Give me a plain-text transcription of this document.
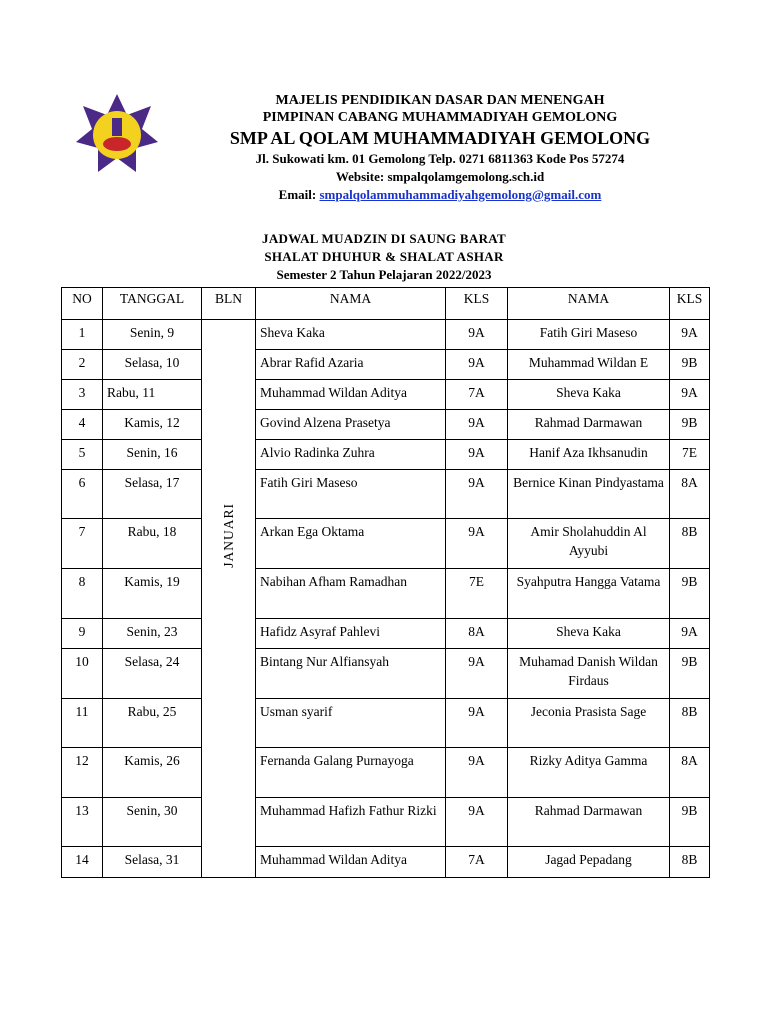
MAJELIS PENDIDIKAN DASAR DAN MENENGAH
PIMPINAN CABANG MUHAMMADIYAH GEMOLONG
SMP AL QOLAM MUHAMMADIYAH GEMOLONG
Jl. Sukowati km. 01 Gemolong Telp. 0271 6811363 Kode Pos 57274
Website: smpalqolamgemolong.sch.id
Email: smpalqolammuhammadiyahgemolong@gmail.com
JADWAL MUADZIN DI SAUNG BARAT
SHALAT DHUHUR & SHALAT ASHAR
Semester 2 Tahun Pelajaran 2022/2023
NO	TANGGAL	BLN	NAMA	KLS	NAMA	KLS
1	Senin, 9	JANUARI	Sheva Kaka	9A	Fatih Giri Maseso	9A
2	Selasa, 10		Abrar Rafid Azaria	9A	Muhammad Wildan E	9B
3	Rabu, 11		Muhammad Wildan Aditya	7A	Sheva Kaka	9A
4	Kamis, 12		Govind Alzena Prasetya	9A	Rahmad Darmawan	9B
5	Senin, 16		Alvio Radinka Zuhra	9A	Hanif Aza Ikhsanudin	7E
6	Selasa, 17		Fatih Giri Maseso	9A	Bernice Kinan Pindyastama	8A
7	Rabu, 18		Arkan Ega Oktama	9A	Amir Sholahuddin Al Ayyubi	8B
8	Kamis, 19		Nabihan Afham Ramadhan	7E	Syahputra Hangga Vatama	9B
9	Senin, 23		Hafidz Asyraf Pahlevi	8A	Sheva Kaka	9A
10	Selasa, 24		Bintang Nur Alfiansyah	9A	Muhamad Danish Wildan Firdaus	9B
11	Rabu, 25		Usman syarif	9A	Jeconia Prasista Sage	8B
12	Kamis, 26		Fernanda Galang Purnayoga	9A	Rizky Aditya Gamma	8A
13	Senin, 30		Muhammad Hafizh Fathur Rizki	9A	Rahmad Darmawan	9B
14	Selasa, 31		Muhammad Wildan Aditya	7A	Jagad Pepadang	8B
